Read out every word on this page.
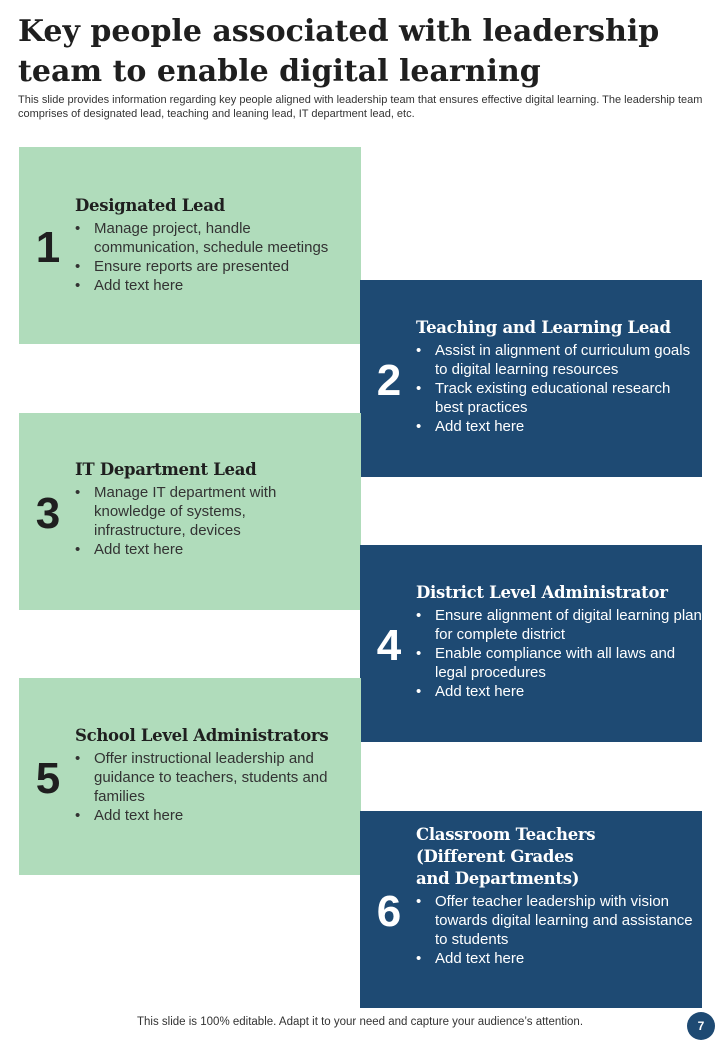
Key people associated with leadership team to enable digital learning

This slide provides information regarding key people aligned with leadership team that ensures effective digital learning. The leadership team comprises of designated lead, teaching and leaning lead, IT department lead, etc.

1
Designated Lead
• Manage project, handle communication, schedule meetings
• Ensure reports are presented
• Add text here
2
Teaching and Learning Lead
• Assist in alignment of curriculum goals to digital learning resources
• Track existing educational research best practices
• Add text here
3
IT Department Lead
• Manage IT department with knowledge of systems, infrastructure, devices
• Add text here
4
District Level Administrator
• Ensure alignment of digital learning plan for complete district
• Enable compliance with all laws and legal procedures
• Add text here
5
School Level Administrators
• Offer instructional leadership and guidance to teachers, students and families
• Add text here
6
Classroom Teachers (Different Grades and Departments)
• Offer teacher leadership with vision towards digital learning and assistance to students
• Add text here
This slide is 100% editable. Adapt it to your need and capture your audience’s attention.	7
